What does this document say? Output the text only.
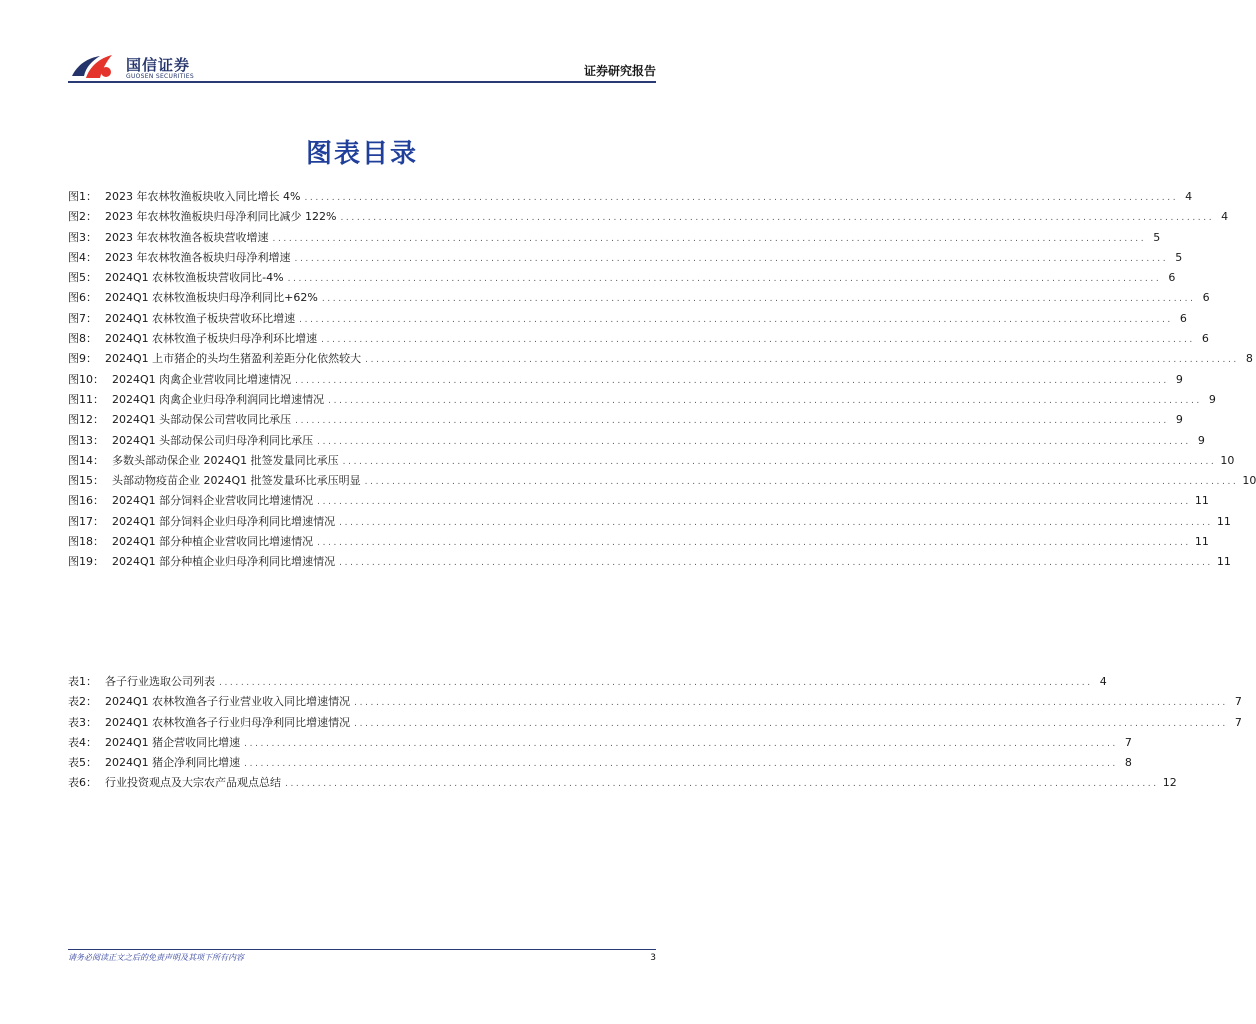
国信证券
GUOSEN SECURITIES	证券研究报告
图表目录
图1： 2023 年农林牧渔板块收入同比增长 4% ................................................................................................................................................................ 4
图2： 2023 年农林牧渔板块归母净利同比减少 122% ................................................................................................................................................................ 4
图3： 2023 年农林牧渔各板块营收增速 ................................................................................................................................................................ 5
图4： 2023 年农林牧渔各板块归母净利增速 ................................................................................................................................................................ 5
图5： 2024Q1 农林牧渔板块营收同比-4% ................................................................................................................................................................ 6
图6： 2024Q1 农林牧渔板块归母净利同比+62% ................................................................................................................................................................ 6
图7： 2024Q1 农林牧渔子板块营收环比增速 ................................................................................................................................................................ 6
图8： 2024Q1 农林牧渔子板块归母净利环比增速 ................................................................................................................................................................ 6
图9： 2024Q1 上市猪企的头均生猪盈利差距分化依然较大 ................................................................................................................................................................ 8
图10： 2024Q1 肉禽企业营收同比增速情况 ................................................................................................................................................................ 9
图11： 2024Q1 肉禽企业归母净利润同比增速情况 ................................................................................................................................................................ 9
图12： 2024Q1 头部动保公司营收同比承压 ................................................................................................................................................................ 9
图13： 2024Q1 头部动保公司归母净利同比承压 ................................................................................................................................................................ 9
图14： 多数头部动保企业 2024Q1 批签发量同比承压 ................................................................................................................................................................ 10
图15： 头部动物疫苗企业 2024Q1 批签发量环比承压明显 ................................................................................................................................................................ 10
图16： 2024Q1 部分饲料企业营收同比增速情况 ................................................................................................................................................................ 11
图17： 2024Q1 部分饲料企业归母净利同比增速情况 ................................................................................................................................................................ 11
图18： 2024Q1 部分种植企业营收同比增速情况 ................................................................................................................................................................ 11
图19： 2024Q1 部分种植企业归母净利同比增速情况 ................................................................................................................................................................ 11
表1： 各子行业选取公司列表 ................................................................................................................................................................ 4
表2： 2024Q1 农林牧渔各子行业营业收入同比增速情况 ................................................................................................................................................................ 7
表3： 2024Q1 农林牧渔各子行业归母净利同比增速情况 ................................................................................................................................................................ 7
表4： 2024Q1 猪企营收同比增速 ................................................................................................................................................................ 7
表5： 2024Q1 猪企净利同比增速 ................................................................................................................................................................ 8
表6： 行业投资观点及大宗农产品观点总结 ................................................................................................................................................................ 12
请务必阅读正文之后的免责声明及其项下所有内容	3
